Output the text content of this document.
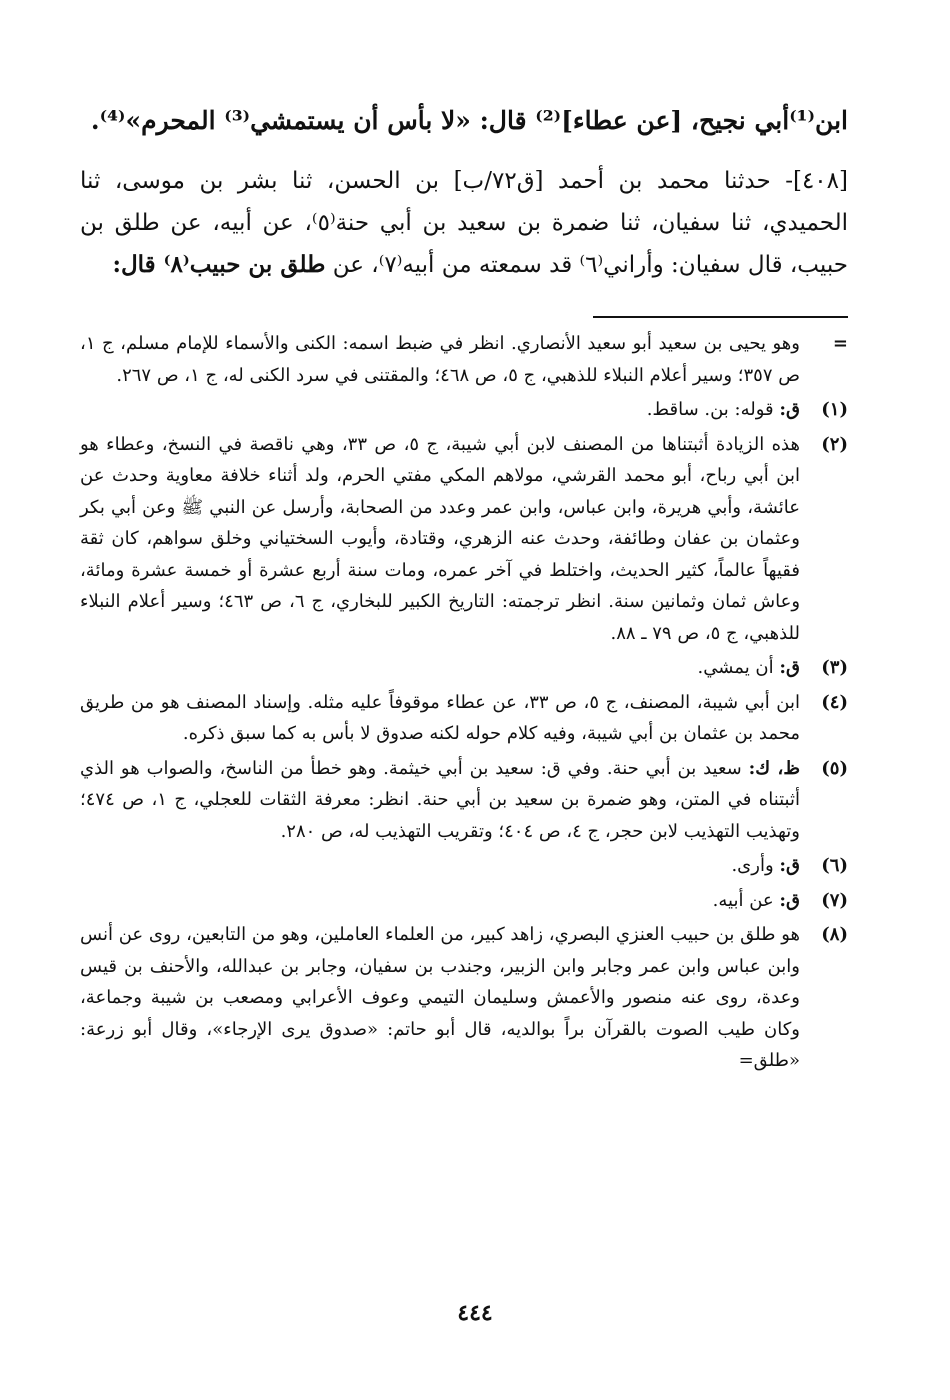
ابن⁽¹⁾أبي نجيح، [عن عطاء]⁽²⁾ قال: «لا بأس أن يستمشي⁽³⁾ المحرم»⁽⁴⁾.

[٤٠٨]- حدثنا محمد بن أحمد [ق٧٢/ب] بن الحسن، ثنا بشر بن موسى، ثنا الحميدي، ثنا سفيان، ثنا ضمرة بن سعيد بن أبي حنة⁽٥⁾، عن أبيه، عن طلق بن حبيب، قال سفيان: وأراني⁽٦⁾ قد سمعته من أبيه⁽٧⁾، عن طلق بن حبيب⁽٨⁾ قال:

=
وهو يحيى بن سعيد أبو سعيد الأنصاري. انظر في ضبط اسمه: الكنى والأسماء للإمام مسلم، ج ١، ص ٣٥٧؛ وسير أعلام النبلاء للذهبي، ج ٥، ص ٤٦٨؛ والمقتنى في سرد الكنى له، ج ١، ص ٢٦٧.
(١)
ق: قوله: بن. ساقط.
(٢)
هذه الزيادة أثبتناها من المصنف لابن أبي شيبة، ج ٥، ص ٣٣، وهي ناقصة في النسخ، وعطاء هو ابن أبي رباح، أبو محمد القرشي، مولاهم المكي مفتي الحرم، ولد أثناء خلافة معاوية وحدث عن عائشة، وأبي هريرة، وابن عباس، وابن عمر وعدد من الصحابة، وأرسل عن النبي ﷺ وعن أبي بكر وعثمان بن عفان وطائفة، وحدث عنه الزهري، وقتادة، وأيوب السختياني وخلق سواهم، كان ثقة فقيهاً عالماً، كثير الحديث، واختلط في آخر عمره، ومات سنة أربع عشرة أو خمسة عشرة ومائة، وعاش ثمان وثمانين سنة. انظر ترجمته: التاريخ الكبير للبخاري، ج ٦، ص ٤٦٣؛ وسير أعلام النبلاء للذهبي، ج ٥، ص ٧٩ ـ ٨٨.
(٣)
ق: أن يمشي.
(٤)
ابن أبي شيبة، المصنف، ج ٥، ص ٣٣، عن عطاء موقوفاً عليه مثله. وإسناد المصنف هو من طريق محمد بن عثمان بن أبي شيبة، وفيه كلام حوله لكنه صدوق لا بأس به كما سبق ذكره.
(٥)
ظ، ك: سعيد بن أبي حنة. وفي ق: سعيد بن أبي خيثمة. وهو خطأ من الناسخ، والصواب هو الذي أثبتناه في المتن، وهو ضمرة بن سعيد بن أبي حنة. انظر: معرفة الثقات للعجلي، ج ١، ص ٤٧٤؛ وتهذيب التهذيب لابن حجر، ج ٤، ص ٤٠٤؛ وتقريب التهذيب له، ص ٢٨٠.
(٦)
ق: وأرى.
(٧)
ق: عن أبيه.
(٨)
هو طلق بن حبيب العنزي البصري، زاهد كبير، من العلماء العاملين، وهو من التابعين، روى عن أنس وابن عباس وابن عمر وجابر وابن الزبير، وجندب بن سفيان، وجابر بن عبدالله، والأحنف بن قيس وعدة، روى عنه منصور والأعمش وسليمان التيمي وعوف الأعرابي ومصعب بن شيبة وجماعة، وكان طيب الصوت بالقرآن براً بوالديه، قال أبو حاتم: «صدوق يرى الإرجاء»، وقال أبو زرعة: «طلق=
٤٤٤
